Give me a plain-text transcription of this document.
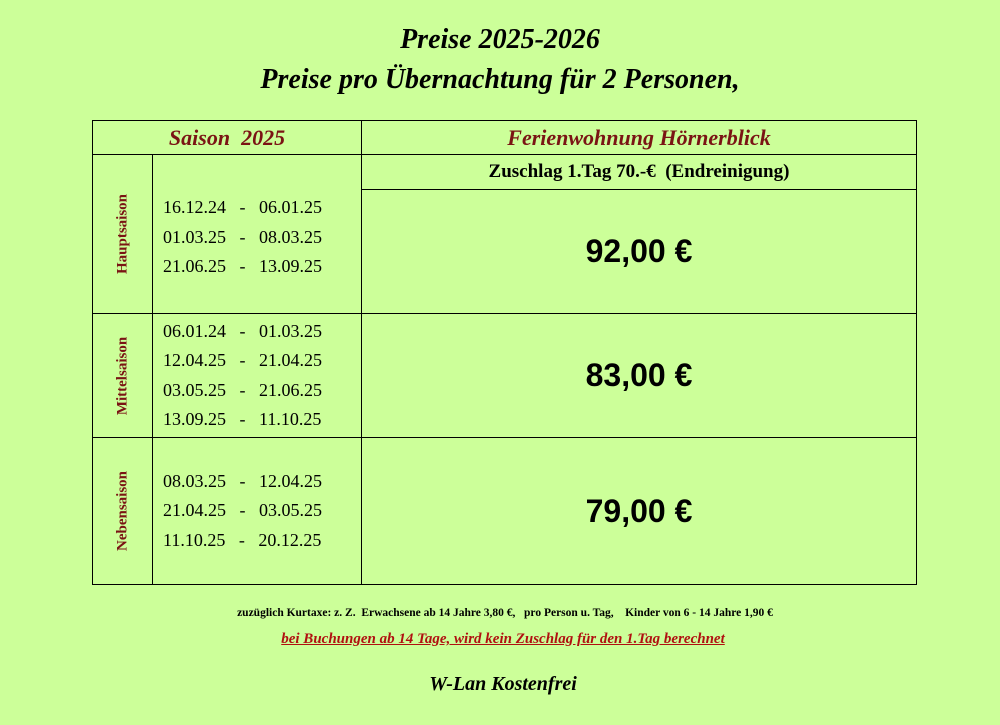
Preise 2025-2026
Preise pro Übernachtung für 2 Personen,
Saison  2025		Ferienwohnung Hörnerblick

Hauptsaison	16.12.24   -   06.01.25
01.03.25   -   08.03.25
21.06.25   -   13.09.25	Zuschlag 1.Tag 70.-€  (Endreinigung)
		92,00 €

Mittelsaison	06.01.24   -   01.03.25
12.04.25   -   21.04.25
03.05.25   -   21.06.25
13.09.25   -   11.10.25	83,00 €

Nebensaison	08.03.25   -   12.04.25
21.04.25   -   03.05.25
11.10.25   -   20.12.25	79,00 €
zuzüglich Kurtaxe: z. Z.  Erwachsene ab 14 Jahre 3,80 €,   pro Person u. Tag,    Kinder von 6 - 14 Jahre 1,90 €
bei Buchungen ab 14 Tage, wird kein Zuschlag für den 1.Tag berechnet
W-Lan Kostenfrei
